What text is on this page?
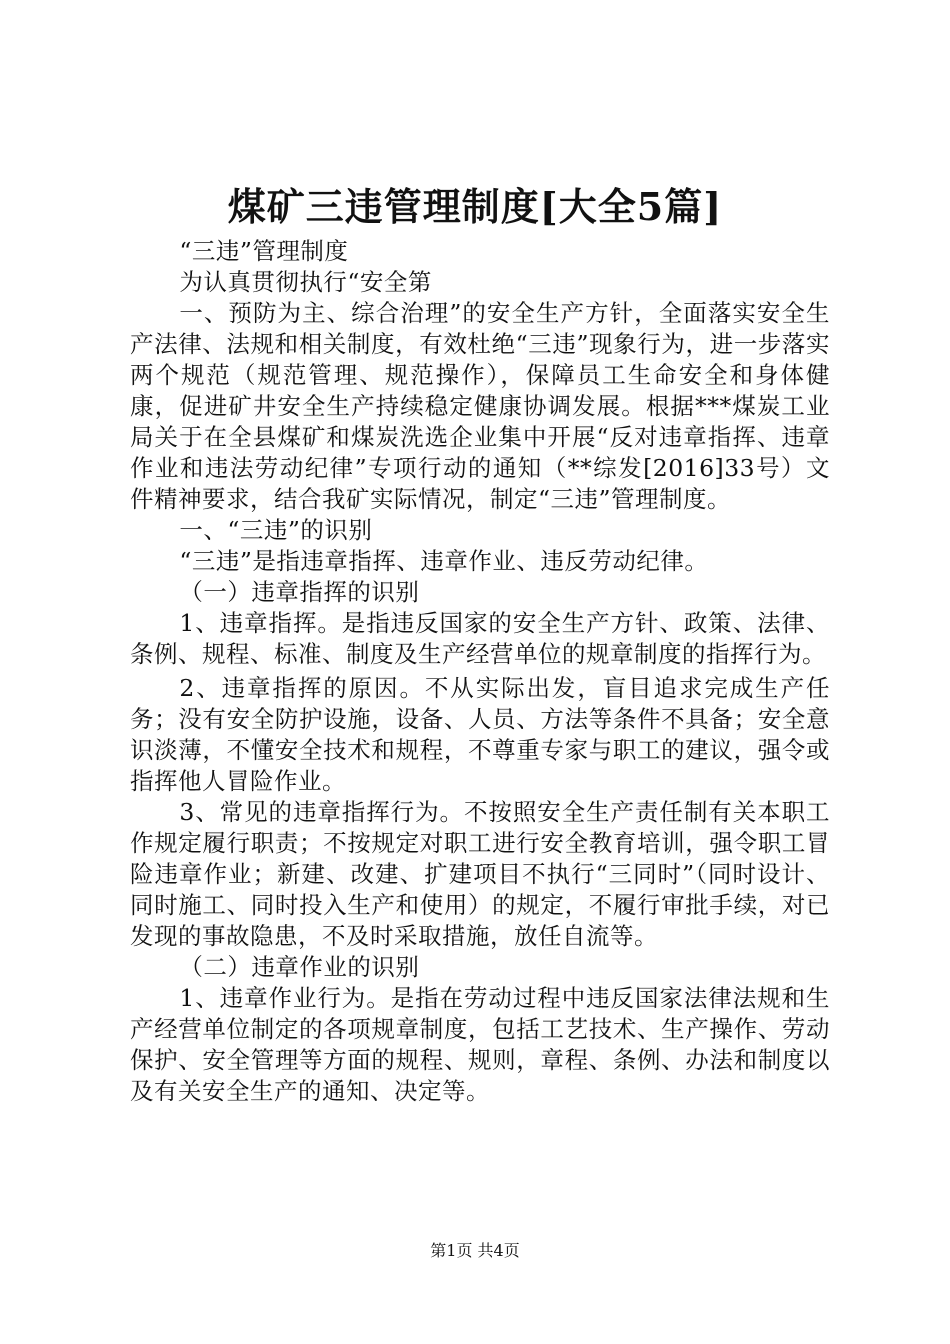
煤矿三违管理制度[大全5篇]

“三违”管理制度

为认真贯彻执行“安全第

一、预防为主、综合治理”的安全生产方针，全面落实安全生产法律、法规和相关制度，有效杜绝“三违”现象行为，进一步落实两个规范（规范管理、规范操作），保障员工生命安全和身体健康，促进矿井安全生产持续稳定健康协调发展。根据***煤炭工业局关于在全县煤矿和煤炭洗选企业集中开展“反对违章指挥、违章作业和违法劳动纪律”专项行动的通知（**综发[2016]33号）文件精神要求，结合我矿实际情况，制定“三违”管理制度。

一、“三违”的识别

“三违”是指违章指挥、违章作业、违反劳动纪律。

（一）违章指挥的识别

1、违章指挥。是指违反国家的安全生产方针、政策、法律、条例、规程、标准、制度及生产经营单位的规章制度的指挥行为。

2、违章指挥的原因。不从实际出发，盲目追求完成生产任务；没有安全防护设施，设备、人员、方法等条件不具备；安全意识淡薄，不懂安全技术和规程，不尊重专家与职工的建议，强令或指挥他人冒险作业。

3、常见的违章指挥行为。不按照安全生产责任制有关本职工作规定履行职责；不按规定对职工进行安全教育培训，强令职工冒险违章作业；新建、改建、扩建项目不执行“三同时”（同时设计、同时施工、同时投入生产和使用）的规定，不履行审批手续，对已发现的事故隐患，不及时采取措施，放任自流等。

（二）违章作业的识别

1、违章作业行为。是指在劳动过程中违反国家法律法规和生产经营单位制定的各项规章制度，包括工艺技术、生产操作、劳动保护、安全管理等方面的规程、规则，章程、条例、办法和制度以及有关安全生产的通知、决定等。

第1页 共4页
